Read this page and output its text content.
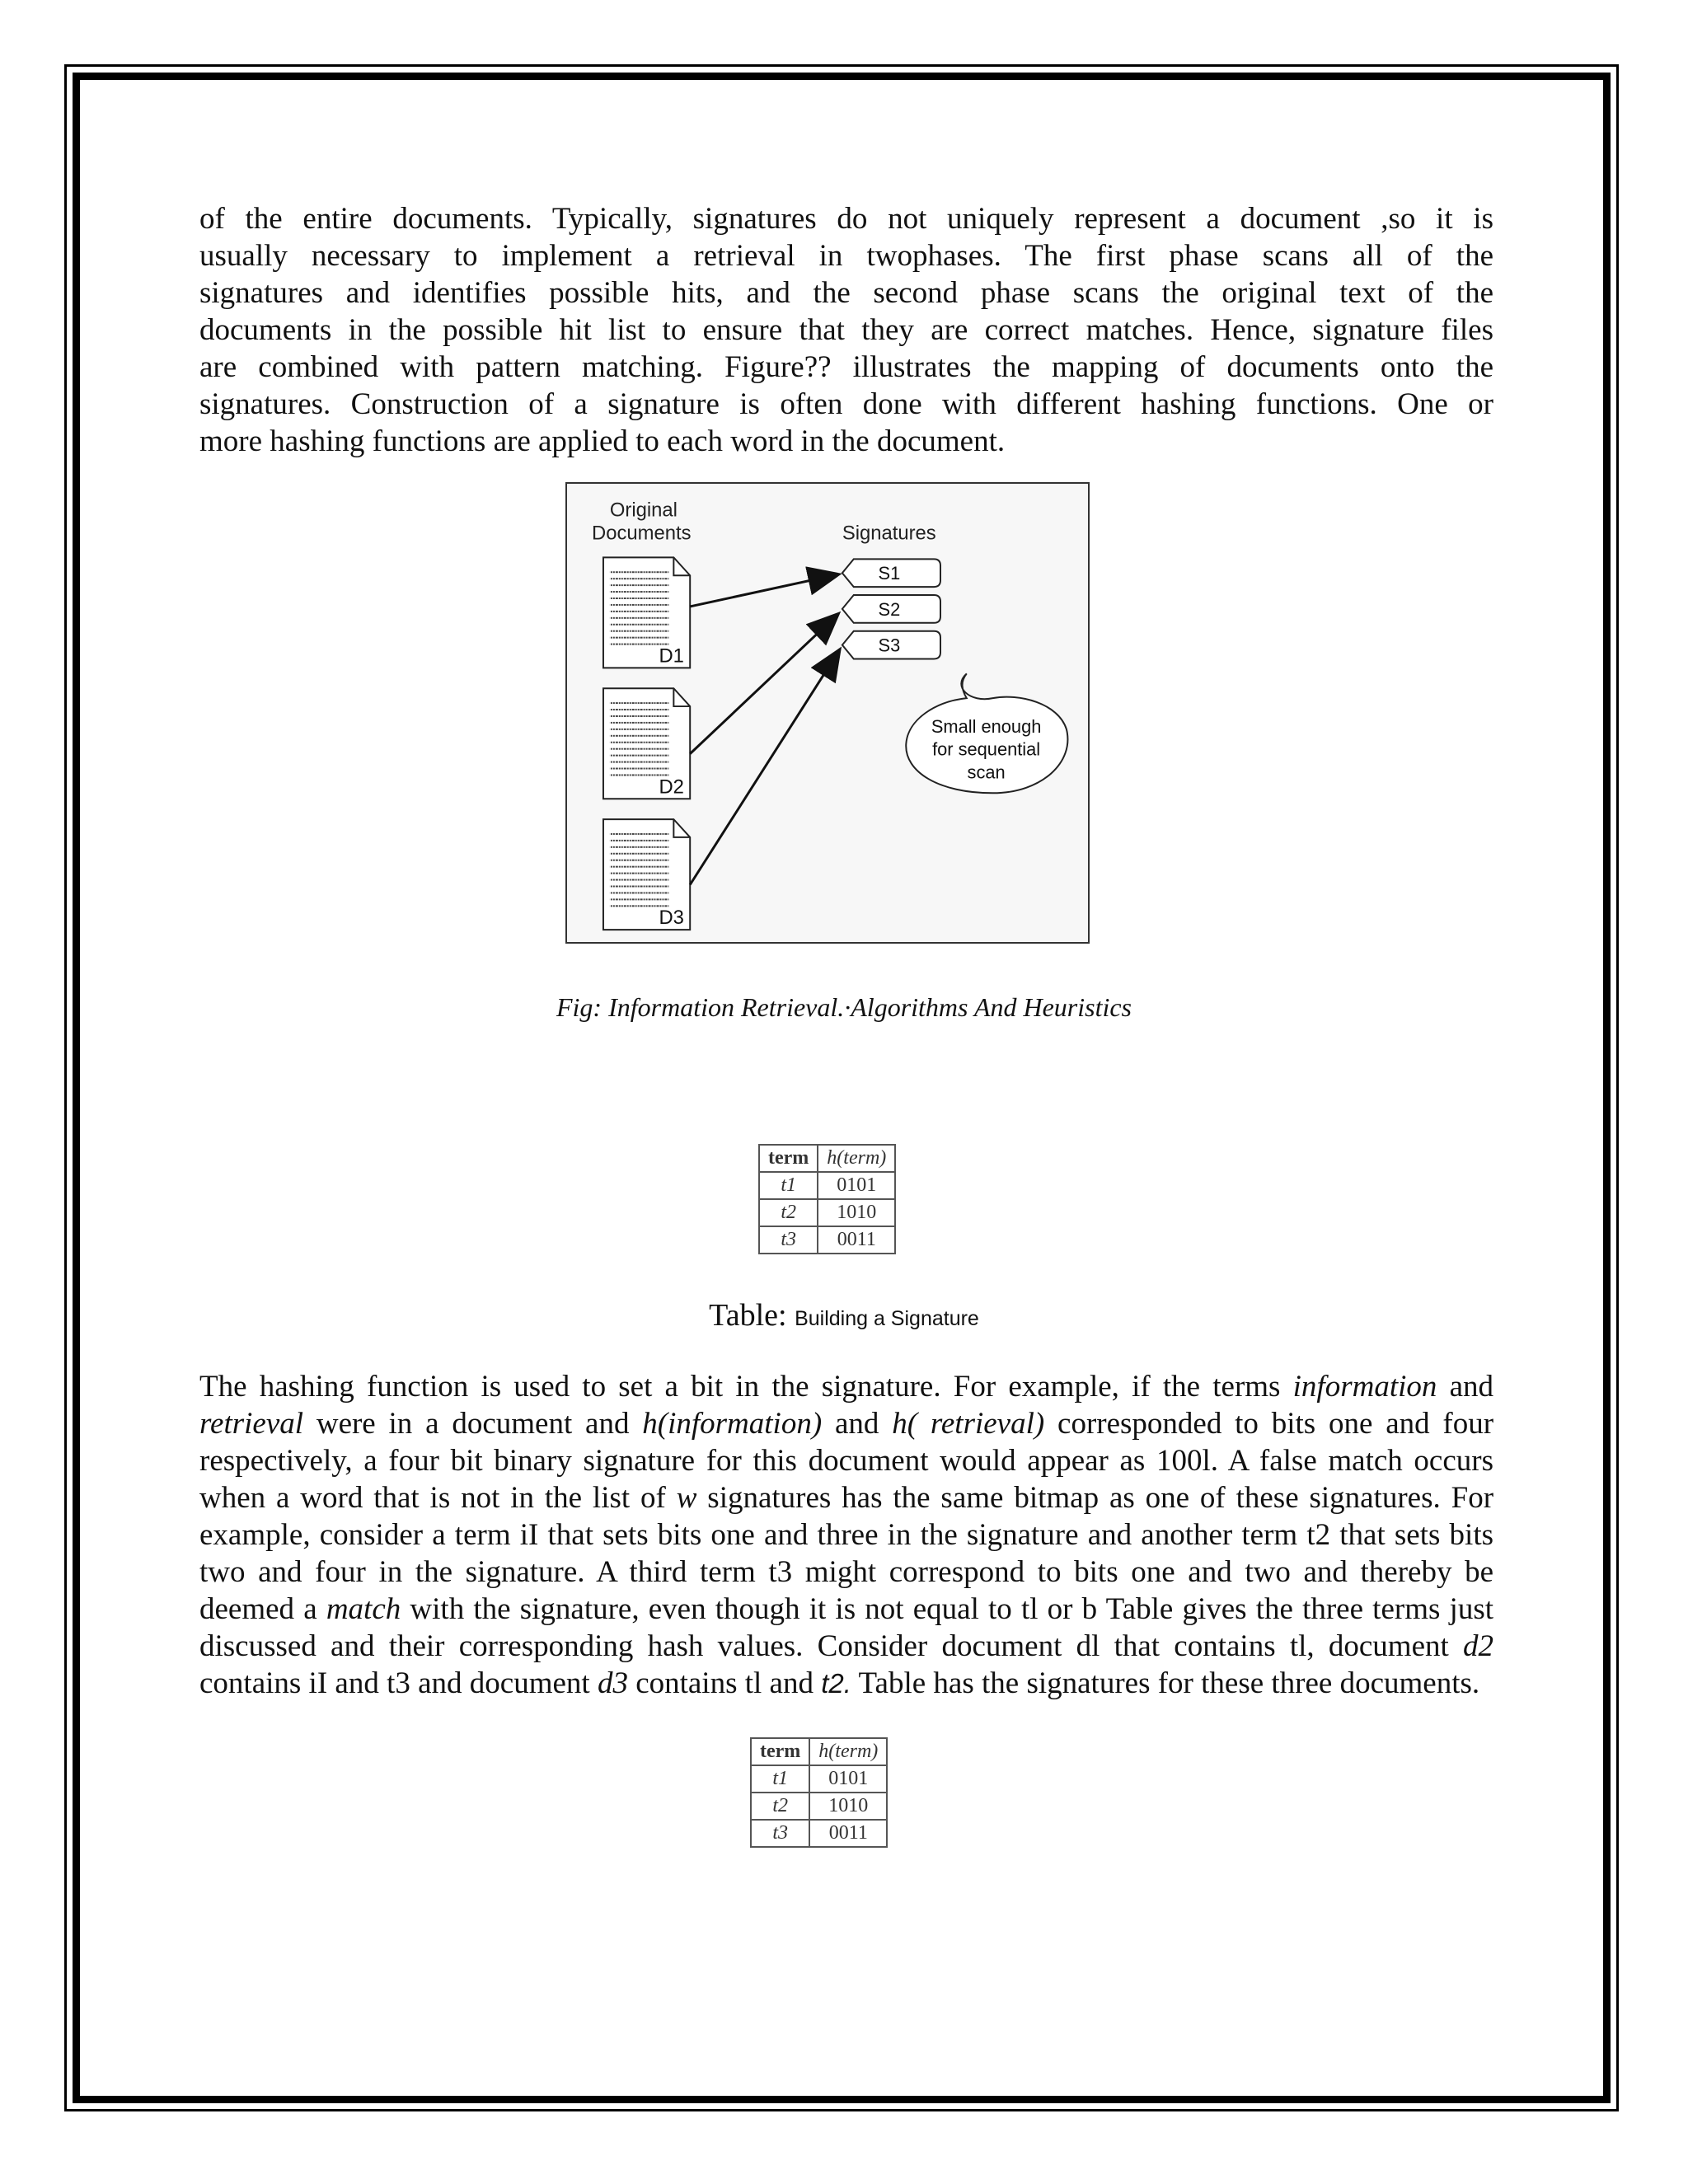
of the entire documents. Typically, signatures do not uniquely represent a document ,so it is
usually necessary to implement a retrieval in twophases. The first phase scans all of the
signatures and identifies possible hits, and the second phase scans the original text of the
documents in the possible hit list to ensure that they are correct matches. Hence, signature files
are combined with pattern matching. Figure?? illustrates the mapping of documents onto the
signatures. Construction of a signature is often done with different hashing functions. One or
more hashing functions are applied to each word in the document.

Original
Documents	Signatures
D1
D2
D3
S1
S2
S3
Small enough
for sequential
scan
Fig: Information Retrieval.·Algorithms And Heuristics
term	h(term)
t1	0101
t2	1010
t3	0011
Table: Building a Signature

The hashing function is used to set a bit in the signature. For example, if the terms information and
retrieval were in a document and h(information) and h( retrieval) corresponded to bits one and four
respectively, a four bit binary signature for this document would appear as 100l. A false match occurs
when a word that is not in the list of w signatures has the same bitmap as one of these signatures. For
example, consider a term iI that sets bits one and three in the signature and another term t2 that sets bits
two and four in the signature. A third term t3 might correspond to bits one and two and thereby be
deemed a match with the signature, even though it is not equal to tl or b Table gives the three terms just
discussed and their corresponding hash values. Consider document dl that contains tl, document d2
contains iI and t3 and document d3 contains tl and t2. Table has the signatures for these three documents.

term	h(term)
t1	0101
t2	1010
t3	0011
